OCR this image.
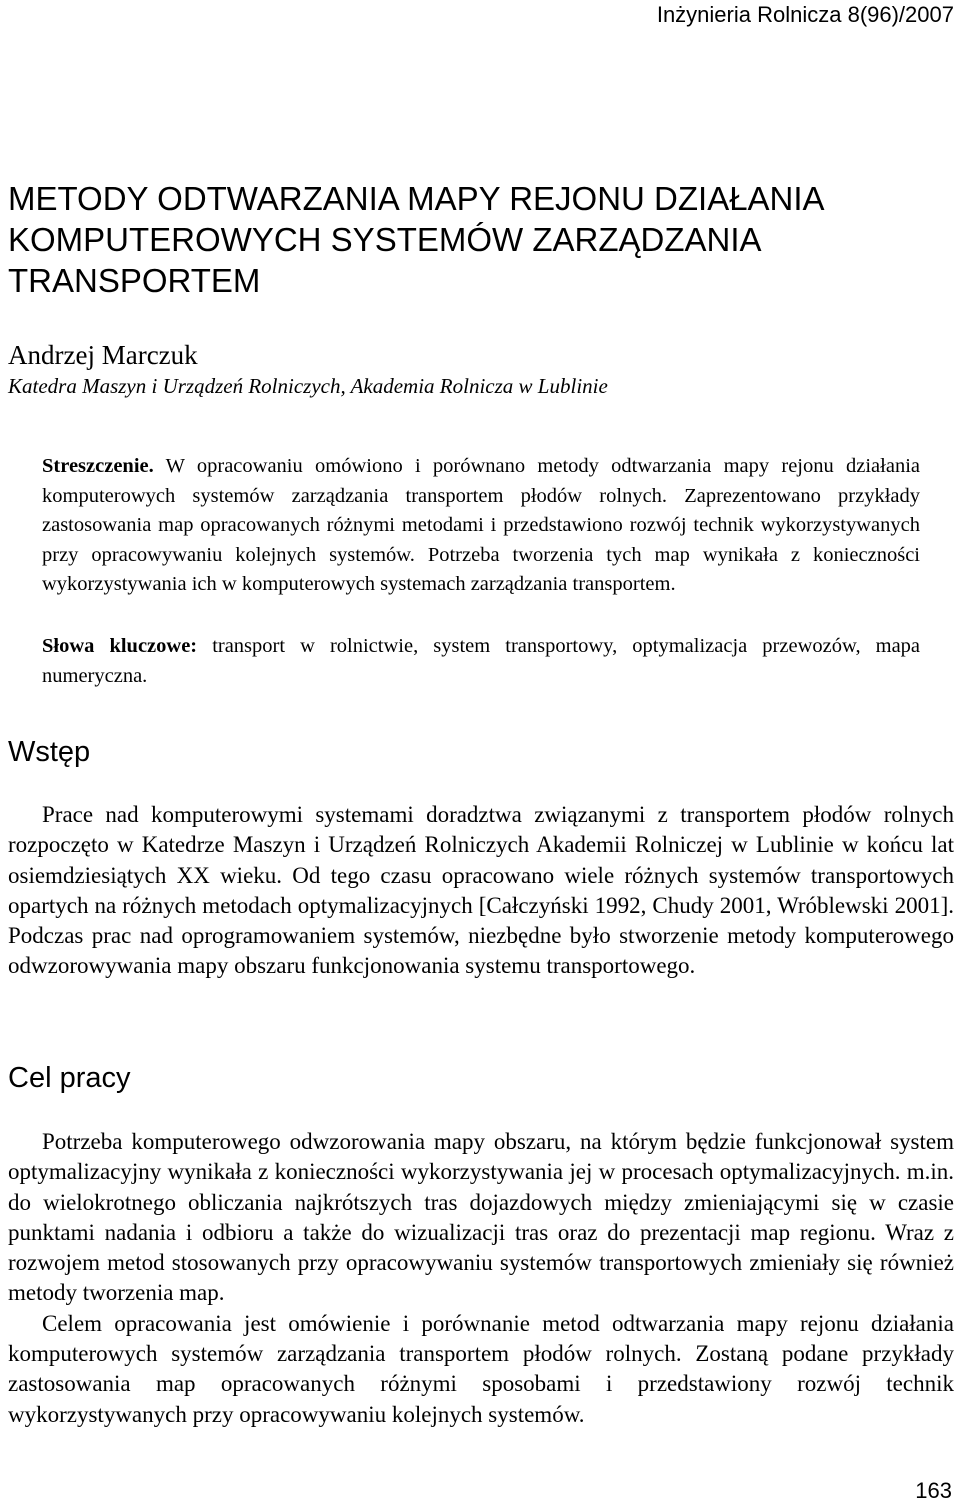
Inżynieria Rolnicza 8(96)/2007
METODY ODTWARZANIA MAPY REJONU DZIAŁANIA KOMPUTEROWYCH SYSTEMÓW ZARZĄDZANIA TRANSPORTEM
Andrzej Marczuk
Katedra Maszyn i Urządzeń Rolniczych, Akademia Rolnicza w Lublinie

Streszczenie. W opracowaniu omówiono i porównano metody odtwarzania mapy rejonu działania komputerowych systemów zarządzania transportem płodów rolnych. Zaprezentowano przykłady zastosowania map opracowanych różnymi metodami i przedstawiono rozwój technik wykorzystywanych przy opracowywaniu kolejnych systemów. Potrzeba tworzenia tych map wynikała z konieczności wykorzystywania ich w komputerowych systemach zarządzania transportem.

Słowa kluczowe: transport w rolnictwie, system transportowy, optymalizacja przewozów, mapa numeryczna.

Wstęp

Prace nad komputerowymi systemami doradztwa związanymi z transportem płodów rolnych rozpoczęto w Katedrze Maszyn i Urządzeń Rolniczych Akademii Rolniczej w Lublinie w końcu lat osiemdziesiątych XX wieku. Od tego czasu opracowano wiele różnych systemów transportowych opartych na różnych metodach optymalizacyjnych [Całczyński 1992, Chudy 2001, Wróblewski 2001]. Podczas prac nad oprogramowaniem systemów, niezbędne było stworzenie metody komputerowego odwzorowywania mapy obszaru funkcjonowania systemu transportowego.

Cel pracy

Potrzeba komputerowego odwzorowania mapy obszaru, na którym będzie funkcjonował system optymalizacyjny wynikała z konieczności wykorzystywania jej w procesach optymalizacyjnych. m.in. do wielokrotnego obliczania najkrótszych tras dojazdowych między zmieniającymi się w czasie punktami nadania i odbioru a także do wizualizacji tras oraz do prezentacji map regionu. Wraz z rozwojem metod stosowanych przy opracowywaniu systemów transportowych zmieniały się również metody tworzenia map.

Celem opracowania jest omówienie i porównanie metod odtwarzania mapy rejonu działania komputerowych systemów zarządzania transportem płodów rolnych. Zostaną podane przykłady zastosowania map opracowanych różnymi sposobami i przedstawiony rozwój technik wykorzystywanych przy opracowywaniu kolejnych systemów.

163
